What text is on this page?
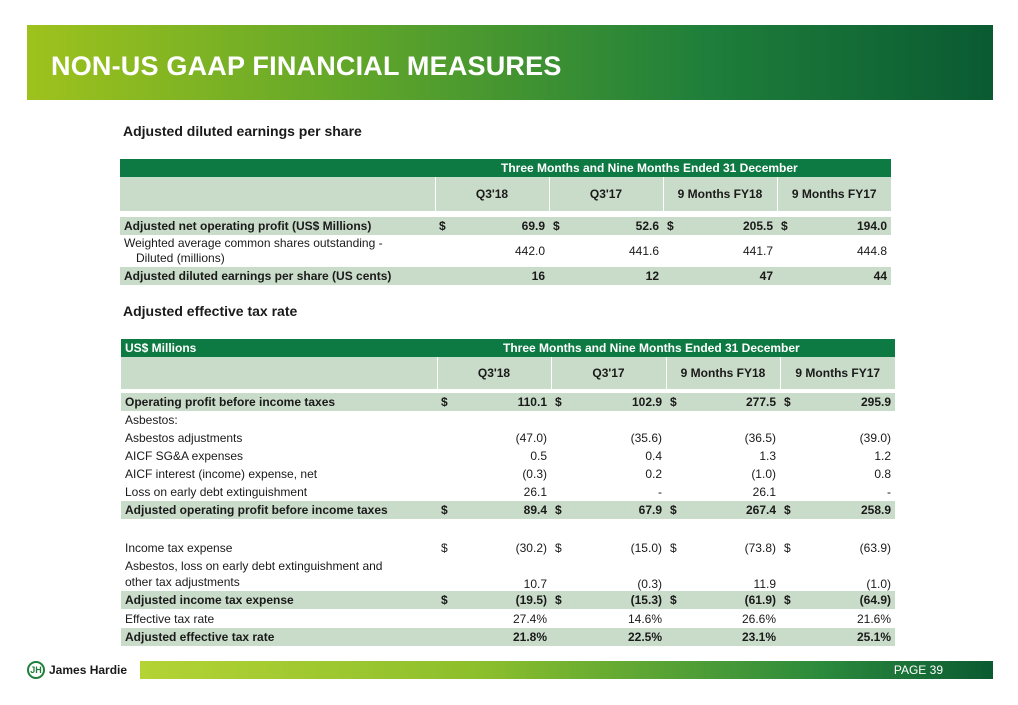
NON-US GAAP FINANCIAL MEASURES
Adjusted diluted earnings per share
	Three Months and Nine Months Ended 31 December			
	Q3'18	Q3'17	9 Months FY18	9 Months FY17

Adjusted net operating profit (US$ Millions)	$ 69.9	$ 52.6	$ 205.5	$ 194.0

Weighted average common shares outstanding -
Diluted (millions)	442.0	441.6	441.7	444.8
Adjusted diluted earnings per share (US cents)	16	12	47	44
Adjusted effective tax rate
US$ Millions	Three Months and Nine Months Ended 31 December			
	Q3'18	Q3'17	9 Months FY18	9 Months FY17

Operating profit before income taxes	$ 110.1	$ 102.9	$ 277.5	$ 295.9

Asbestos:				
Asbestos adjustments	(47.0)	(35.6)	(36.5)	(39.0)
AICF SG&A expenses	0.5	0.4	1.3	1.2
AICF interest (income) expense, net	(0.3)	0.2	(1.0)	0.8
Loss on early debt extinguishment	26.1	-	26.1	-
Adjusted operating profit before income taxes	$ 89.4	$ 67.9	$ 267.4	$ 258.9

Income tax expense	$ (30.2)	$ (15.0)	$ (73.8)	$ (63.9)

Asbestos, loss on early debt extinguishment and
other tax adjustments	10.7	(0.3)	11.9	(1.0)
Adjusted income tax expense	$ (19.5)	$ (15.3)	$ (61.9)	$ (64.9)

Effective tax rate	27.4%	14.6%	26.6%	21.6%
Adjusted effective tax rate	21.8%	22.5%	23.1%	25.1%
JH James Hardie	PAGE 39
